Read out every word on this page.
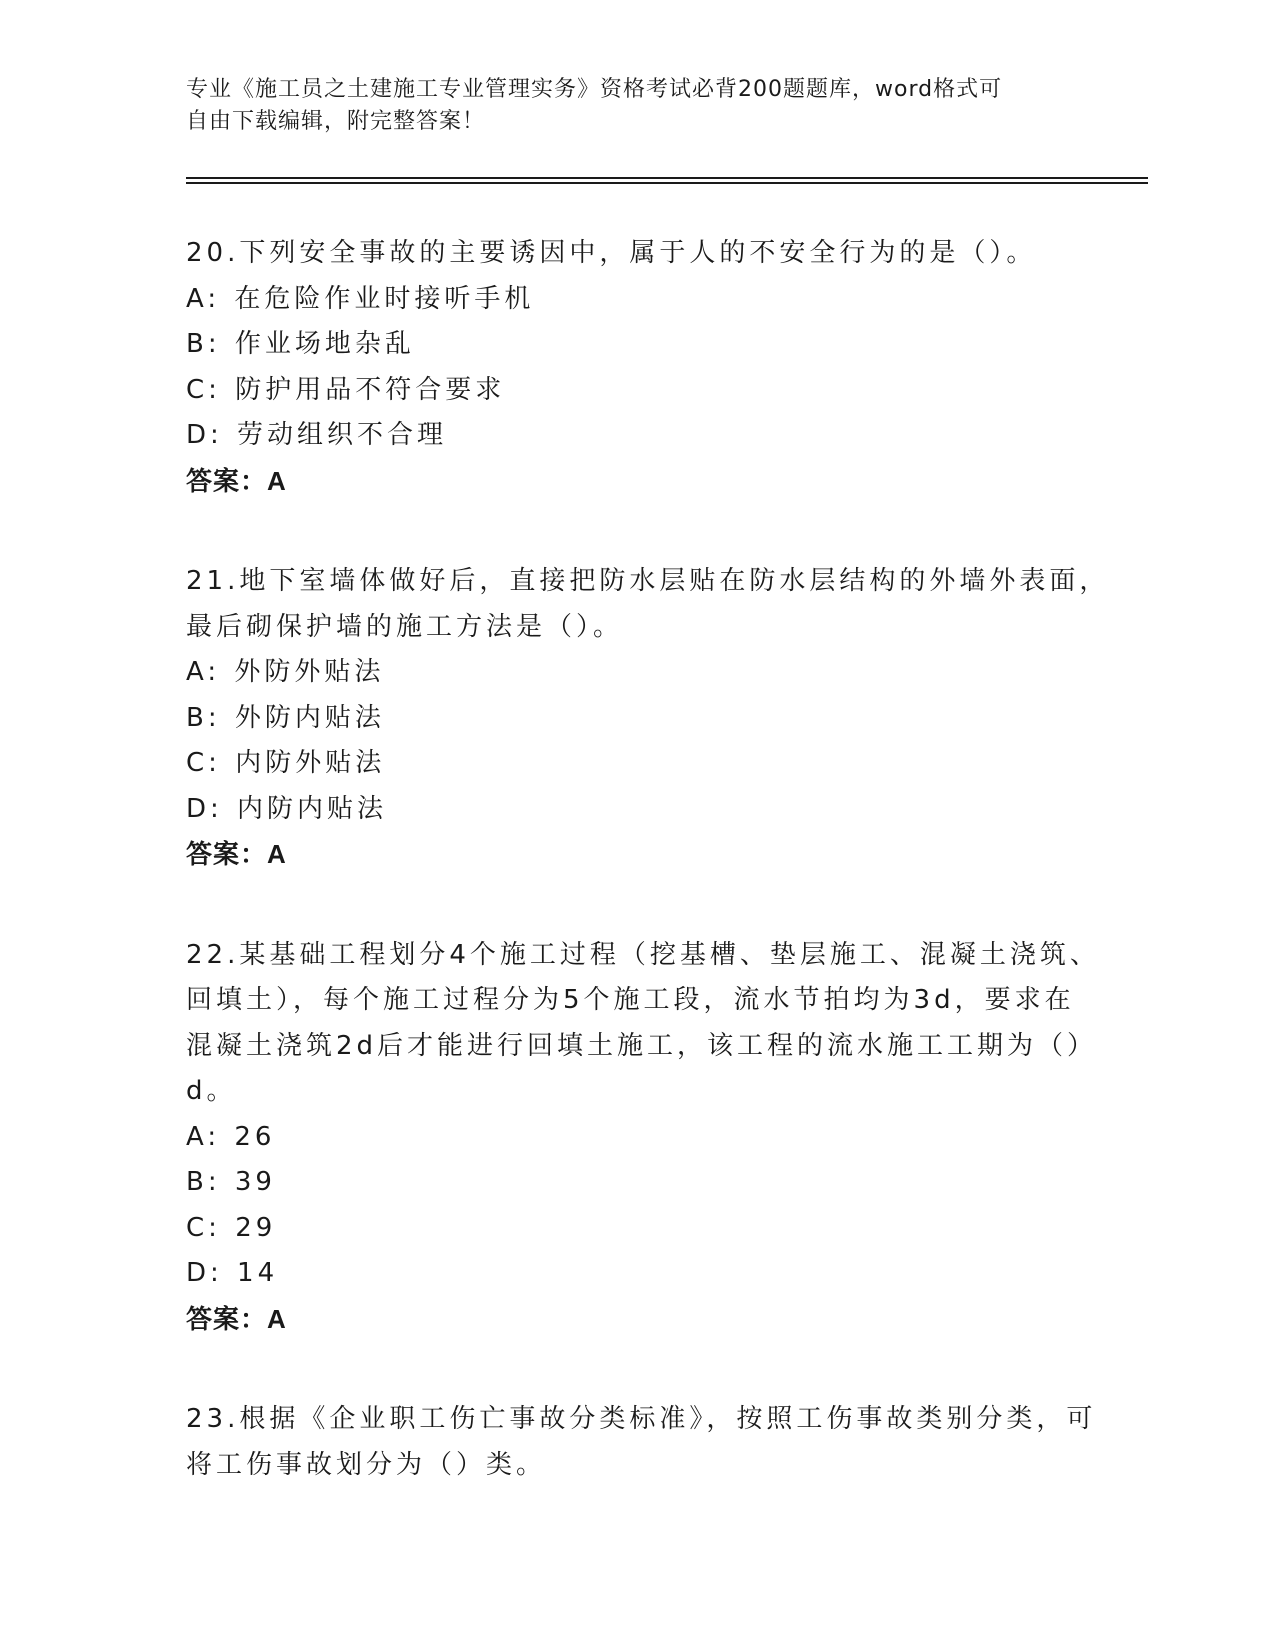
专业《施工员之土建施工专业管理实务》资格考试必背200题题库，word格式可
自由下载编辑，附完整答案！
20.下列安全事故的主要诱因中，属于人的不安全行为的是（）。
A: 在危险作业时接听手机
B: 作业场地杂乱
C: 防护用品不符合要求
D: 劳动组织不合理
答案：A
21.地下室墙体做好后，直接把防水层贴在防水层结构的外墙外表面，
最后砌保护墙的施工方法是（）。
A: 外防外贴法
B: 外防内贴法
C: 内防外贴法
D: 内防内贴法
答案：A
22.某基础工程划分4个施工过程（挖基槽、垫层施工、混凝土浇筑、
回填土），每个施工过程分为5个施工段，流水节拍均为3d，要求在
混凝土浇筑2d后才能进行回填土施工，该工程的流水施工工期为（）
d。
A: 26
B: 39
C: 29
D: 14
答案：A
23.根据《企业职工伤亡事故分类标准》，按照工伤事故类别分类，可
将工伤事故划分为（）类。
